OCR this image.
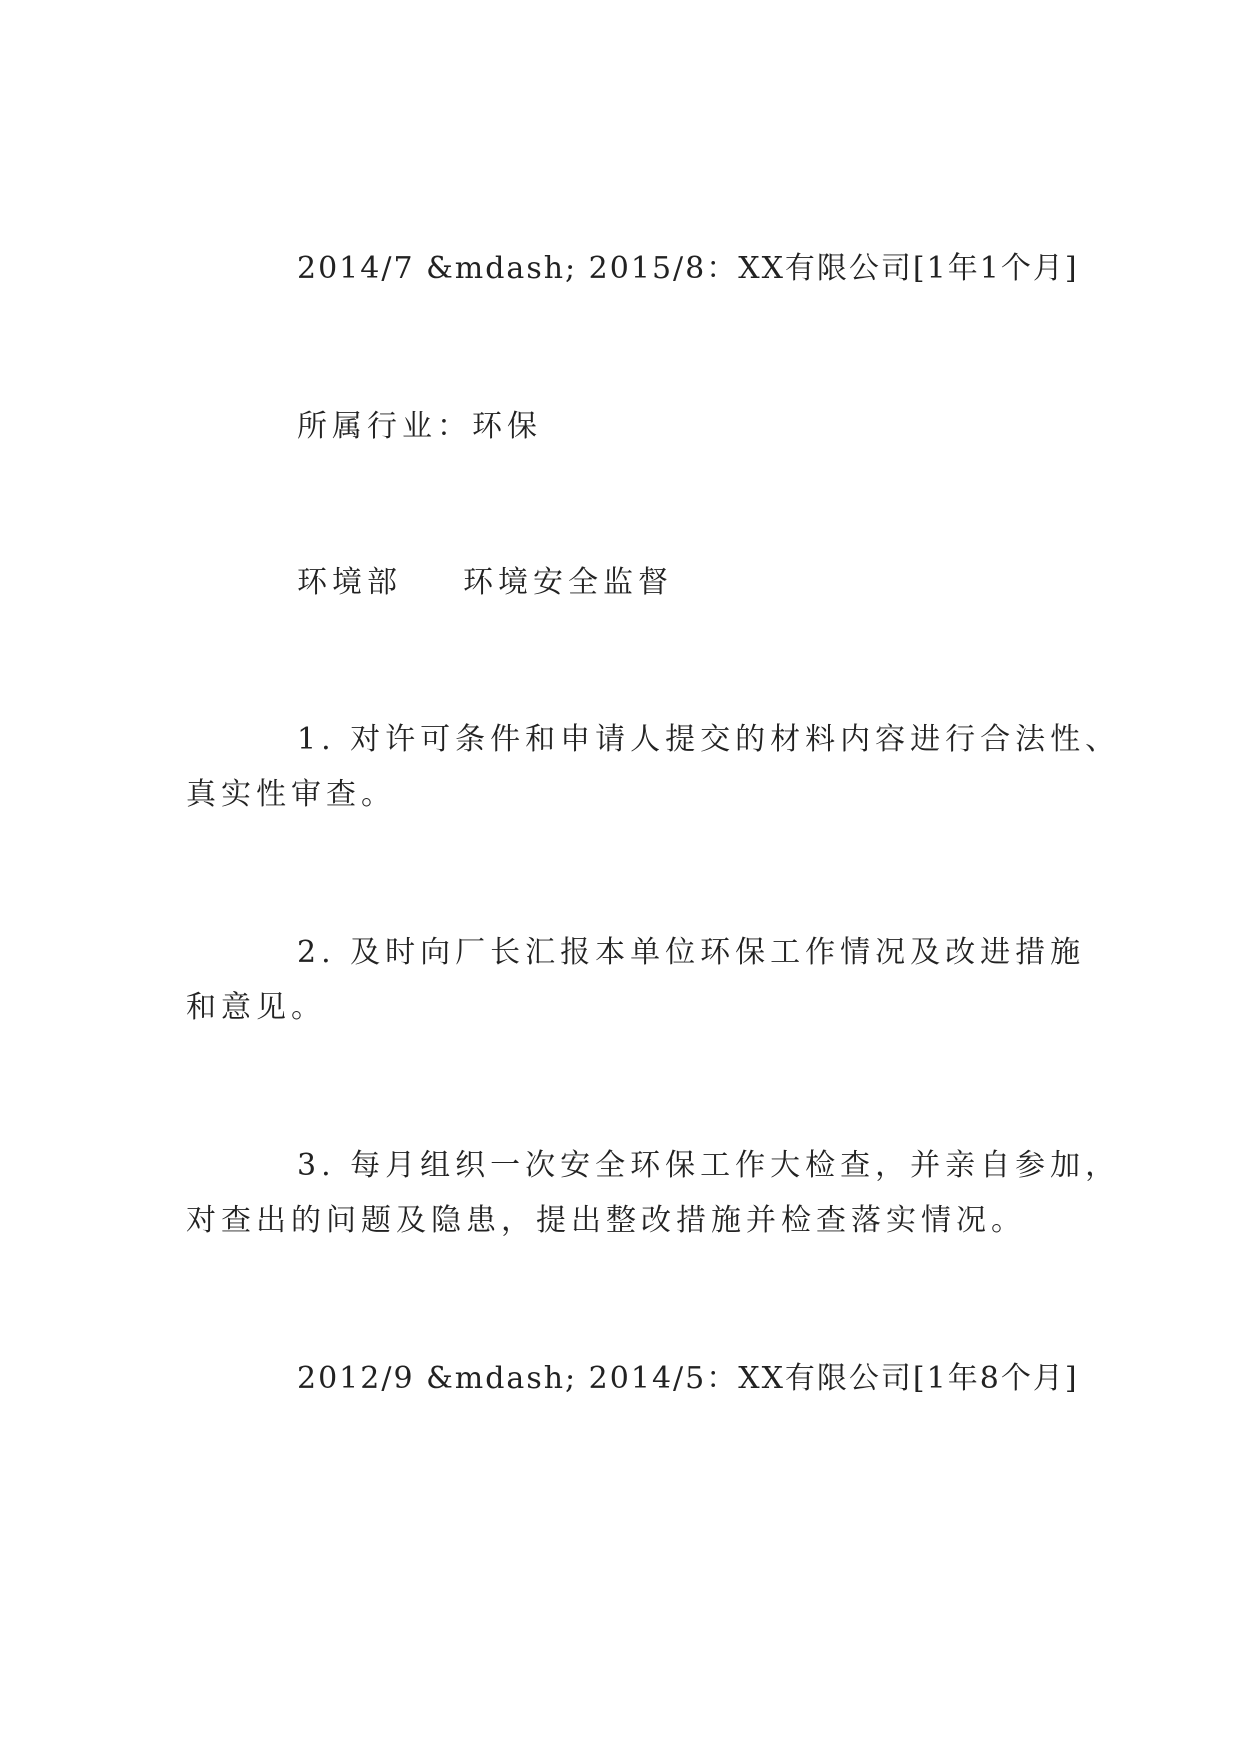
2014/7 &mdash; 2015/8：XX有限公司[1年1个月]

所属行业：环保

环境部	环境安全监督

1. 对许可条件和申请人提交的材料内容进行合法性、

真实性审查。

2. 及时向厂长汇报本单位环保工作情况及改进措施

和意见。

3. 每月组织一次安全环保工作大检查，并亲自参加，

对查出的问题及隐患，提出整改措施并检查落实情况。

2012/9 &mdash; 2014/5：XX有限公司[1年8个月]
